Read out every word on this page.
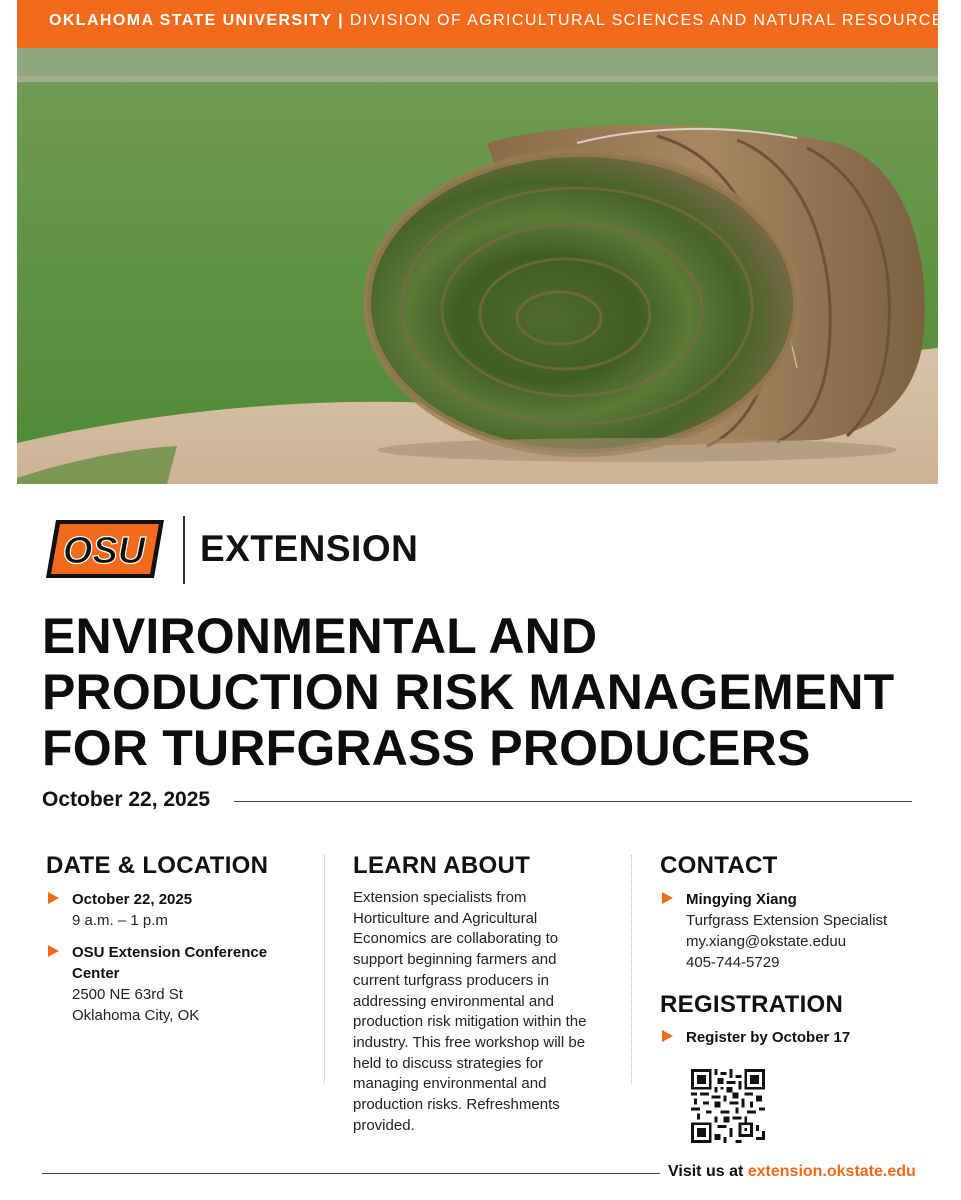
OKLAHOMA STATE UNIVERSITY | DIVISION OF AGRICULTURAL SCIENCES AND NATURAL RESOURCES
OSU EXTENSION
ENVIRONMENTAL AND
PRODUCTION RISK MANAGEMENT
FOR TURFGRASS PRODUCERS
October 22, 2025
DATE & LOCATION
October 22, 2025
9 a.m. – 1 p.m
OSU Extension Conference Center
2500 NE 63rd St
Oklahoma City, OK
LEARN ABOUT

Extension specialists from Horticulture and Agricultural Economics are collaborating to support beginning farmers and current turfgrass producers in addressing environmental and production risk mitigation within the industry. This free workshop will be held to discuss strategies for managing environmental and production risks. Refreshments provided.

CONTACT
Mingying Xiang
Turfgrass Extension Specialist
my.xiang@okstate.eduu
405-744-5729
REGISTRATION
Register by October 17
Visit us at extension.okstate.edu
